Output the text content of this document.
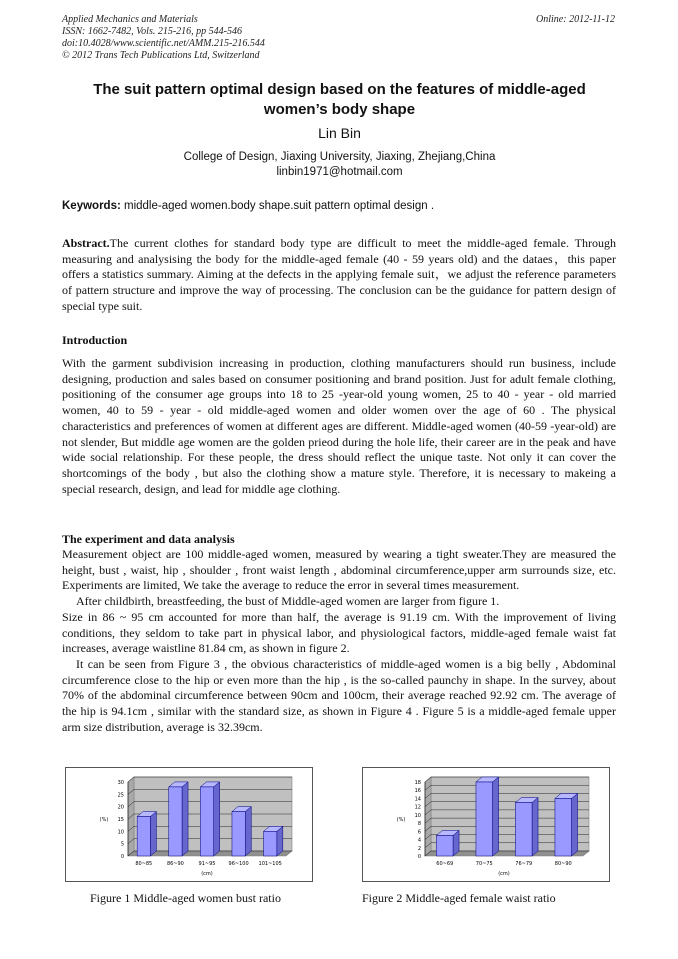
Applied Mechanics and Materials
ISSN: 1662-7482, Vols. 215-216, pp 544-546
doi:10.4028/www.scientific.net/AMM.215-216.544
© 2012 Trans Tech Publications Ltd, Switzerland
Online: 2012-11-12
The suit pattern optimal design based on the features of middle-aged
women’s body shape
Lin Bin
College of Design, Jiaxing University, Jiaxing, Zhejiang,China
linbin1971@hotmail.com
Keywords: middle-aged women.body shape.suit pattern optimal design .
Abstract.The current clothes for standard body type are difficult to meet the middle-aged female. Through measuring and analysising the body for the middle-aged female (40 - 59 years old) and the dataes，this paper offers a statistics summary. Aiming at the defects in the applying female suit，we adjust the reference parameters of pattern structure and improve the way of processing. The conclusion can be the guidance for pattern design of special type suit.
Introduction
With the garment subdivision increasing in production, clothing manufacturers should run business, include designing, production and sales based on consumer positioning and brand position. Just for adult female clothing, positioning of the consumer age groups into 18 to 25 -year-old young women, 25 to 40 - year - old married women, 40 to 59 - year - old middle-aged women and older women over the age of 60 . The physical characteristics and preferences of women at different ages are different. Middle-aged women (40-59 -year-old) are not slender, But middle age women are the golden prieod during the hole life, their career are in the peak and have wide social relationship. For these people, the dress should reflect the unique taste. Not only it can cover the shortcomings of the body , but also the clothing show a mature style. Therefore, it is necessary to makeing a special research, design, and lead for middle age clothing.
The experiment and data analysis

Measurement object are 100 middle-aged women, measured by wearing a tight sweater.They are measured the height, bust , waist, hip , shoulder , front waist length , abdominal circumference,upper arm surrounds size, etc. Experiments are limited, We take the average to reduce the error in several times measurement.

After childbirth, breastfeeding, the bust of Middle-aged women are larger from figure 1.

Size in 86 ~ 95 cm accounted for more than half, the average is 91.19 cm. With the improvement of living conditions, they seldom to take part in physical labor, and physiological factors, middle-aged female waist fat increases, average waistline 81.84 cm, as shown in figure 2.

It can be seen from Figure 3 , the obvious characteristics of middle-aged women is a big belly , Abdominal circumference close to the hip or even more than the hip , is the so-called paunchy in shape. In the survey, about 70% of the abdominal circumference between 90cm and 100cm, their average reached 92.92 cm. The average of the hip is 94.1cm , similar with the standard size, as shown in Figure 4 . Figure 5 is a middle-aged female upper arm size distribution, average is 32.39cm.

0
5
10
15
20
25
30
(%)
80~85	86~90	91~95	96~100 101~105
(cm)
Figure 1 Middle-aged women bust ratio
0
2
4
6
8
10
12
14
16
18
(%)
60~69	70~75	76~79	80~90
(cm)
Figure 2 Middle-aged female waist ratio
